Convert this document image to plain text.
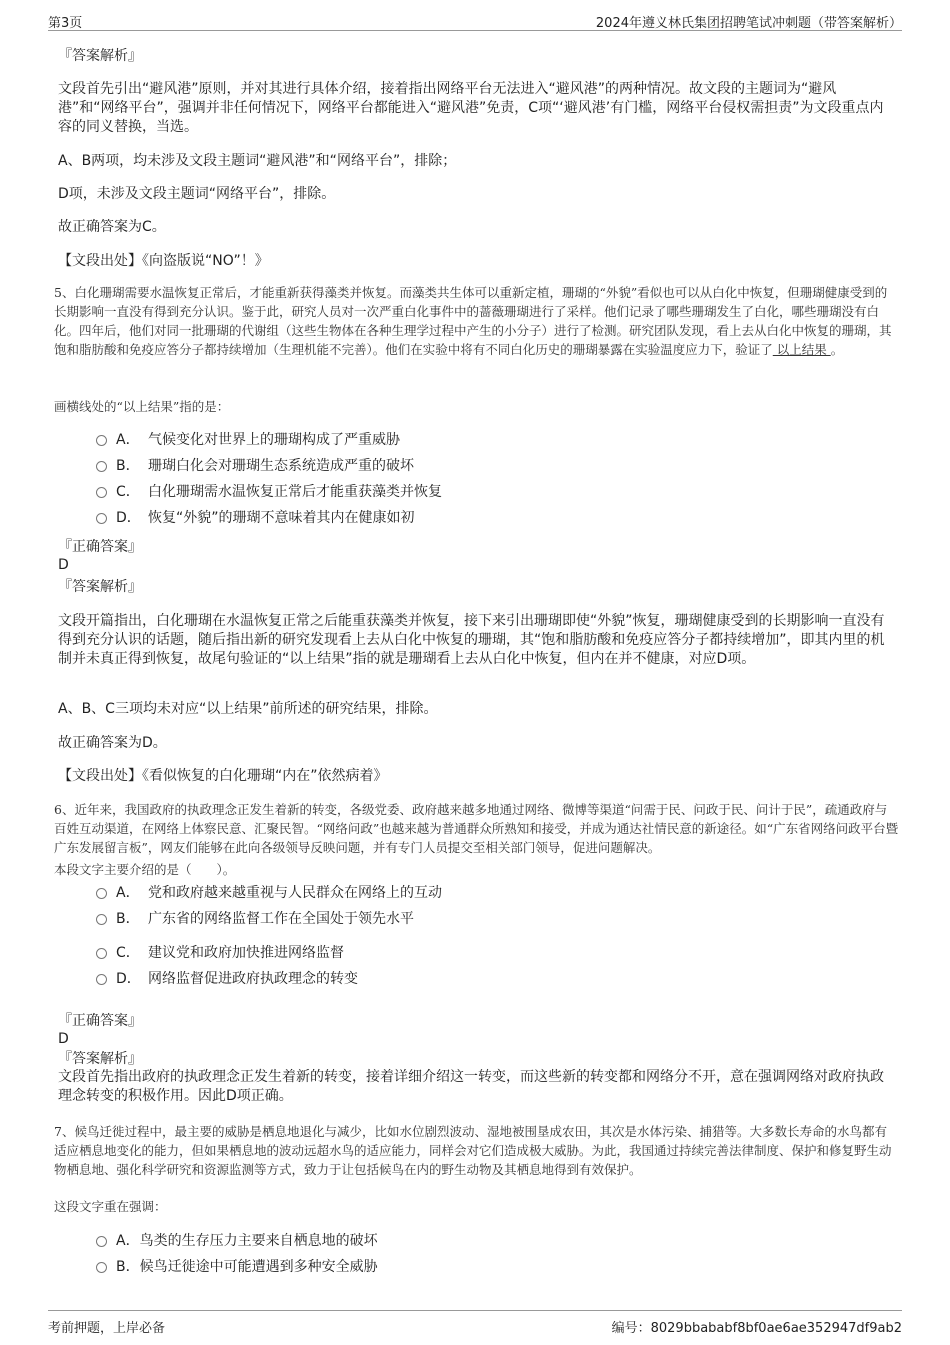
第3页	2024年遵义林氏集团招聘笔试冲刺题（带答案解析）
『答案解析』
文段首先引出“避风港”原则，并对其进行具体介绍，接着指出网络平台无法进入“避风港”的两种情况。故文段的主题词为“避风港”和“网络平台”，强调并非任何情况下，网络平台都能进入“避风港”免责，C项“‘避风港’有门槛，网络平台侵权需担责”为文段重点内容的同义替换，当选。
A、B两项，均未涉及文段主题词“避风港”和“网络平台”，排除；
D项，未涉及文段主题词“网络平台”，排除。
故正确答案为C。
【文段出处】《向盗版说“NO”！》

5、白化珊瑚需要水温恢复正常后，才能重新获得藻类并恢复。而藻类共生体可以重新定植，珊瑚的“外貌”看似也可以从白化中恢复，但珊瑚健康受到的长期影响一直没有得到充分认识。鉴于此，研究人员对一次严重白化事件中的蔷薇珊瑚进行了采样。他们记录了哪些珊瑚发生了白化，哪些珊瑚没有白化。四年后，他们对同一批珊瑚的代谢组（这些生物体在各种生理学过程中产生的小分子）进行了检测。研究团队发现，看上去从白化中恢复的珊瑚，其饱和脂肪酸和免疫应答分子都持续增加（生理机能不完善）。他们在实验中将有不同白化历史的珊瑚暴露在实验温度应力下，验证了 以上结果 。

画横线处的“以上结果”指的是：
A． 气候变化对世界上的珊瑚构成了严重威胁
B． 珊瑚白化会对珊瑚生态系统造成严重的破坏
C． 白化珊瑚需水温恢复正常后才能重获藻类并恢复
D． 恢复“外貌”的珊瑚不意味着其内在健康如初
『正确答案』
D
『答案解析』
文段开篇指出，白化珊瑚在水温恢复正常之后能重获藻类并恢复，接下来引出珊瑚即使“外貌”恢复，珊瑚健康受到的长期影响一直没有得到充分认识的话题，随后指出新的研究发现看上去从白化中恢复的珊瑚，其“饱和脂肪酸和免疫应答分子都持续增加”，即其内里的机制并未真正得到恢复，故尾句验证的“以上结果”指的就是珊瑚看上去从白化中恢复，但内在并不健康，对应D项。
A、B、C三项均未对应“以上结果”前所述的研究结果，排除。
故正确答案为D。
【文段出处】《看似恢复的白化珊瑚“内在”依然病着》

6、近年来，我国政府的执政理念正发生着新的转变，各级党委、政府越来越多地通过网络、微博等渠道“问需于民、问政于民、问计于民”，疏通政府与百姓互动渠道，在网络上体察民意、汇聚民智。“网络问政”也越来越为普通群众所熟知和接受，并成为通达社情民意的新途径。如“广东省网络问政平台暨广东发展留言板”，网友们能够在此向各级领导反映问题，并有专门人员提交至相关部门领导，促进问题解决。

本段文字主要介绍的是（　　）。
A． 党和政府越来越重视与人民群众在网络上的互动
B． 广东省的网络监督工作在全国处于领先水平
C． 建议党和政府加快推进网络监督
D． 网络监督促进政府执政理念的转变
『正确答案』
D
『答案解析』
文段首先指出政府的执政理念正发生着新的转变，接着详细介绍这一转变，而这些新的转变都和网络分不开，意在强调网络对政府执政理念转变的积极作用。因此D项正确。

7、候鸟迁徙过程中，最主要的威胁是栖息地退化与减少，比如水位剧烈波动、湿地被围垦成农田，其次是水体污染、捕猎等。大多数长寿命的水鸟都有适应栖息地变化的能力，但如果栖息地的波动远超水鸟的适应能力，同样会对它们造成极大威胁。为此，我国通过持续完善法律制度、保护和修复野生动物栖息地、强化科学研究和资源监测等方式，致力于让包括候鸟在内的野生动物及其栖息地得到有效保护。

这段文字重在强调：
A．鸟类的生存压力主要来自栖息地的破坏
B．候鸟迁徙途中可能遭遇到多种安全威胁
考前押题，上岸必备	编号：8029bbababf8bf0ae6ae352947df9ab2
